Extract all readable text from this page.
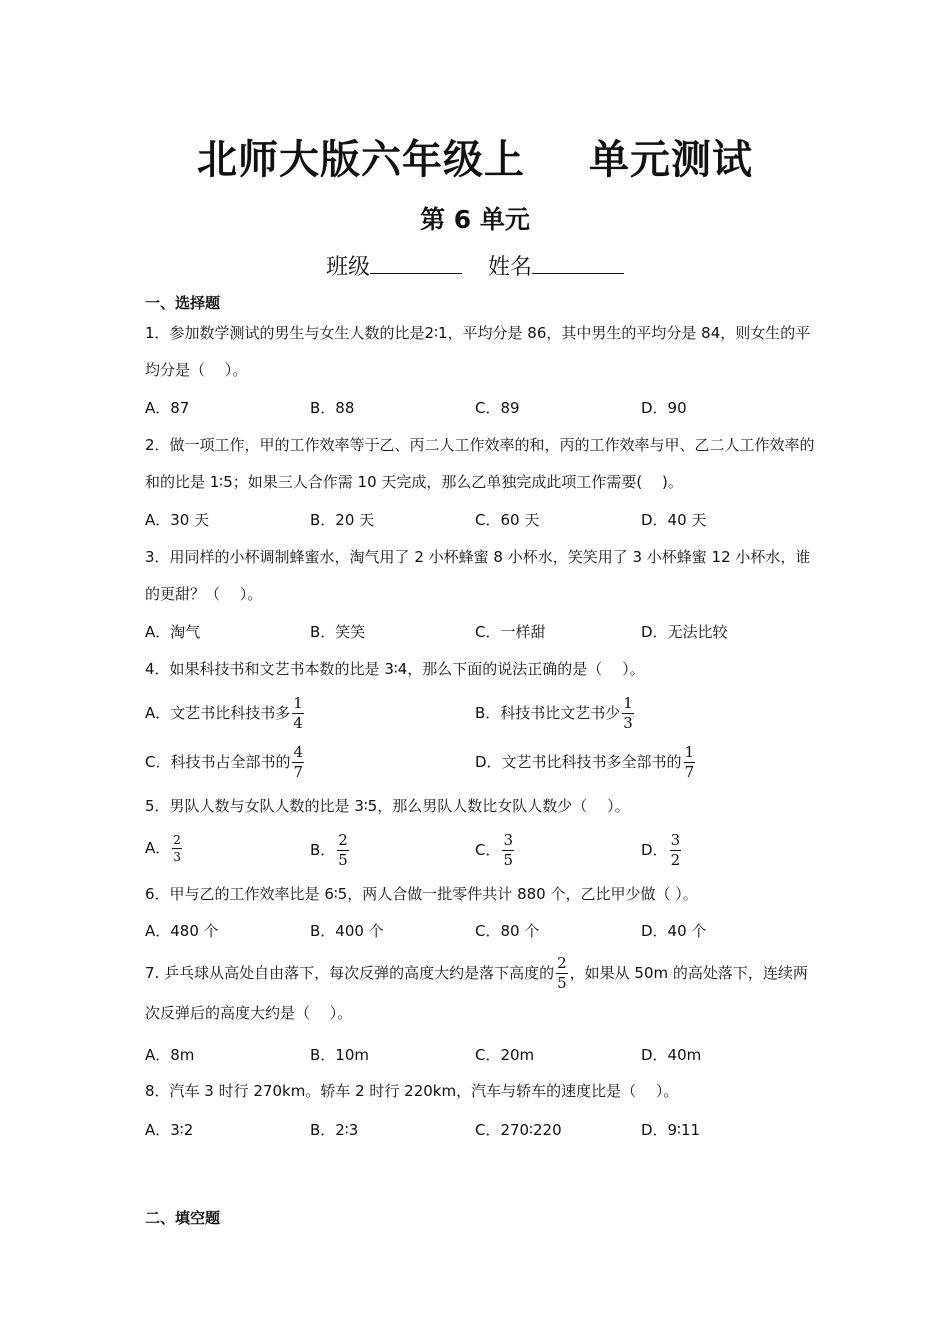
北师大版六年级上 单元测试
第 6 单元
班级	姓名
一、选择题
1．参加数学测试的男生与女生人数的比是2∶1，平均分是 86，其中男生的平均分是 84，则女生的平均分是（　 ）。
A．87	B．88	C．89	D．90
2．做一项工作，甲的工作效率等于乙、丙二人工作效率的和，丙的工作效率与甲、乙二人工作效率的和的比是 1∶5；如果三人合作需 10 天完成，那么乙单独完成此项工作需要(　 )。
A．30 天	B．20 天	C．60 天	D．40 天
3．用同样的小杯调制蜂蜜水，淘气用了 2 小杯蜂蜜 8 小杯水，笑笑用了 3 小杯蜂蜜 12 小杯水，谁的更甜？（　 ）。
A．淘气	B．笑笑	C．一样甜	D．无法比较
4．如果科技书和文艺书本数的比是 3∶4，那么下面的说法正确的是（　 ）。
A．文艺书比科技书多 $\frac{1}{4}$	B．科技书比文艺书少 $\frac{1}{3}$
C．科技书占全部书的 $\frac{4}{7}$	D．文艺书比科技书多全部书的 $\frac{1}{7}$
5．男队人数与女队人数的比是 3∶5，那么男队人数比女队人数少（　 ）。
A． $\frac{2}{3}$	B． $\frac{2}{5}$	C． $\frac{3}{5}$	D． $\frac{3}{2}$
6．甲与乙的工作效率比是 6∶5，两人合做一批零件共计 880 个，乙比甲少做（ ）。
A．480 个	B．400 个	C．80 个	D．40 个
7. 乒乓球从高处自由落下，每次反弹的高度大约是落下高度的 $\frac{2}{5}$ ，如果从 50m 的高处落下，连续两次反弹后的高度大约是（　 ）。
A．8m	B．10m	C．20m	D．40m
8．汽车 3 时行 270km。轿车 2 时行 220km，汽车与轿车的速度比是（　 ）。
A．3∶2	B．2∶3	C．270∶220	D．9∶11
二、填空题
